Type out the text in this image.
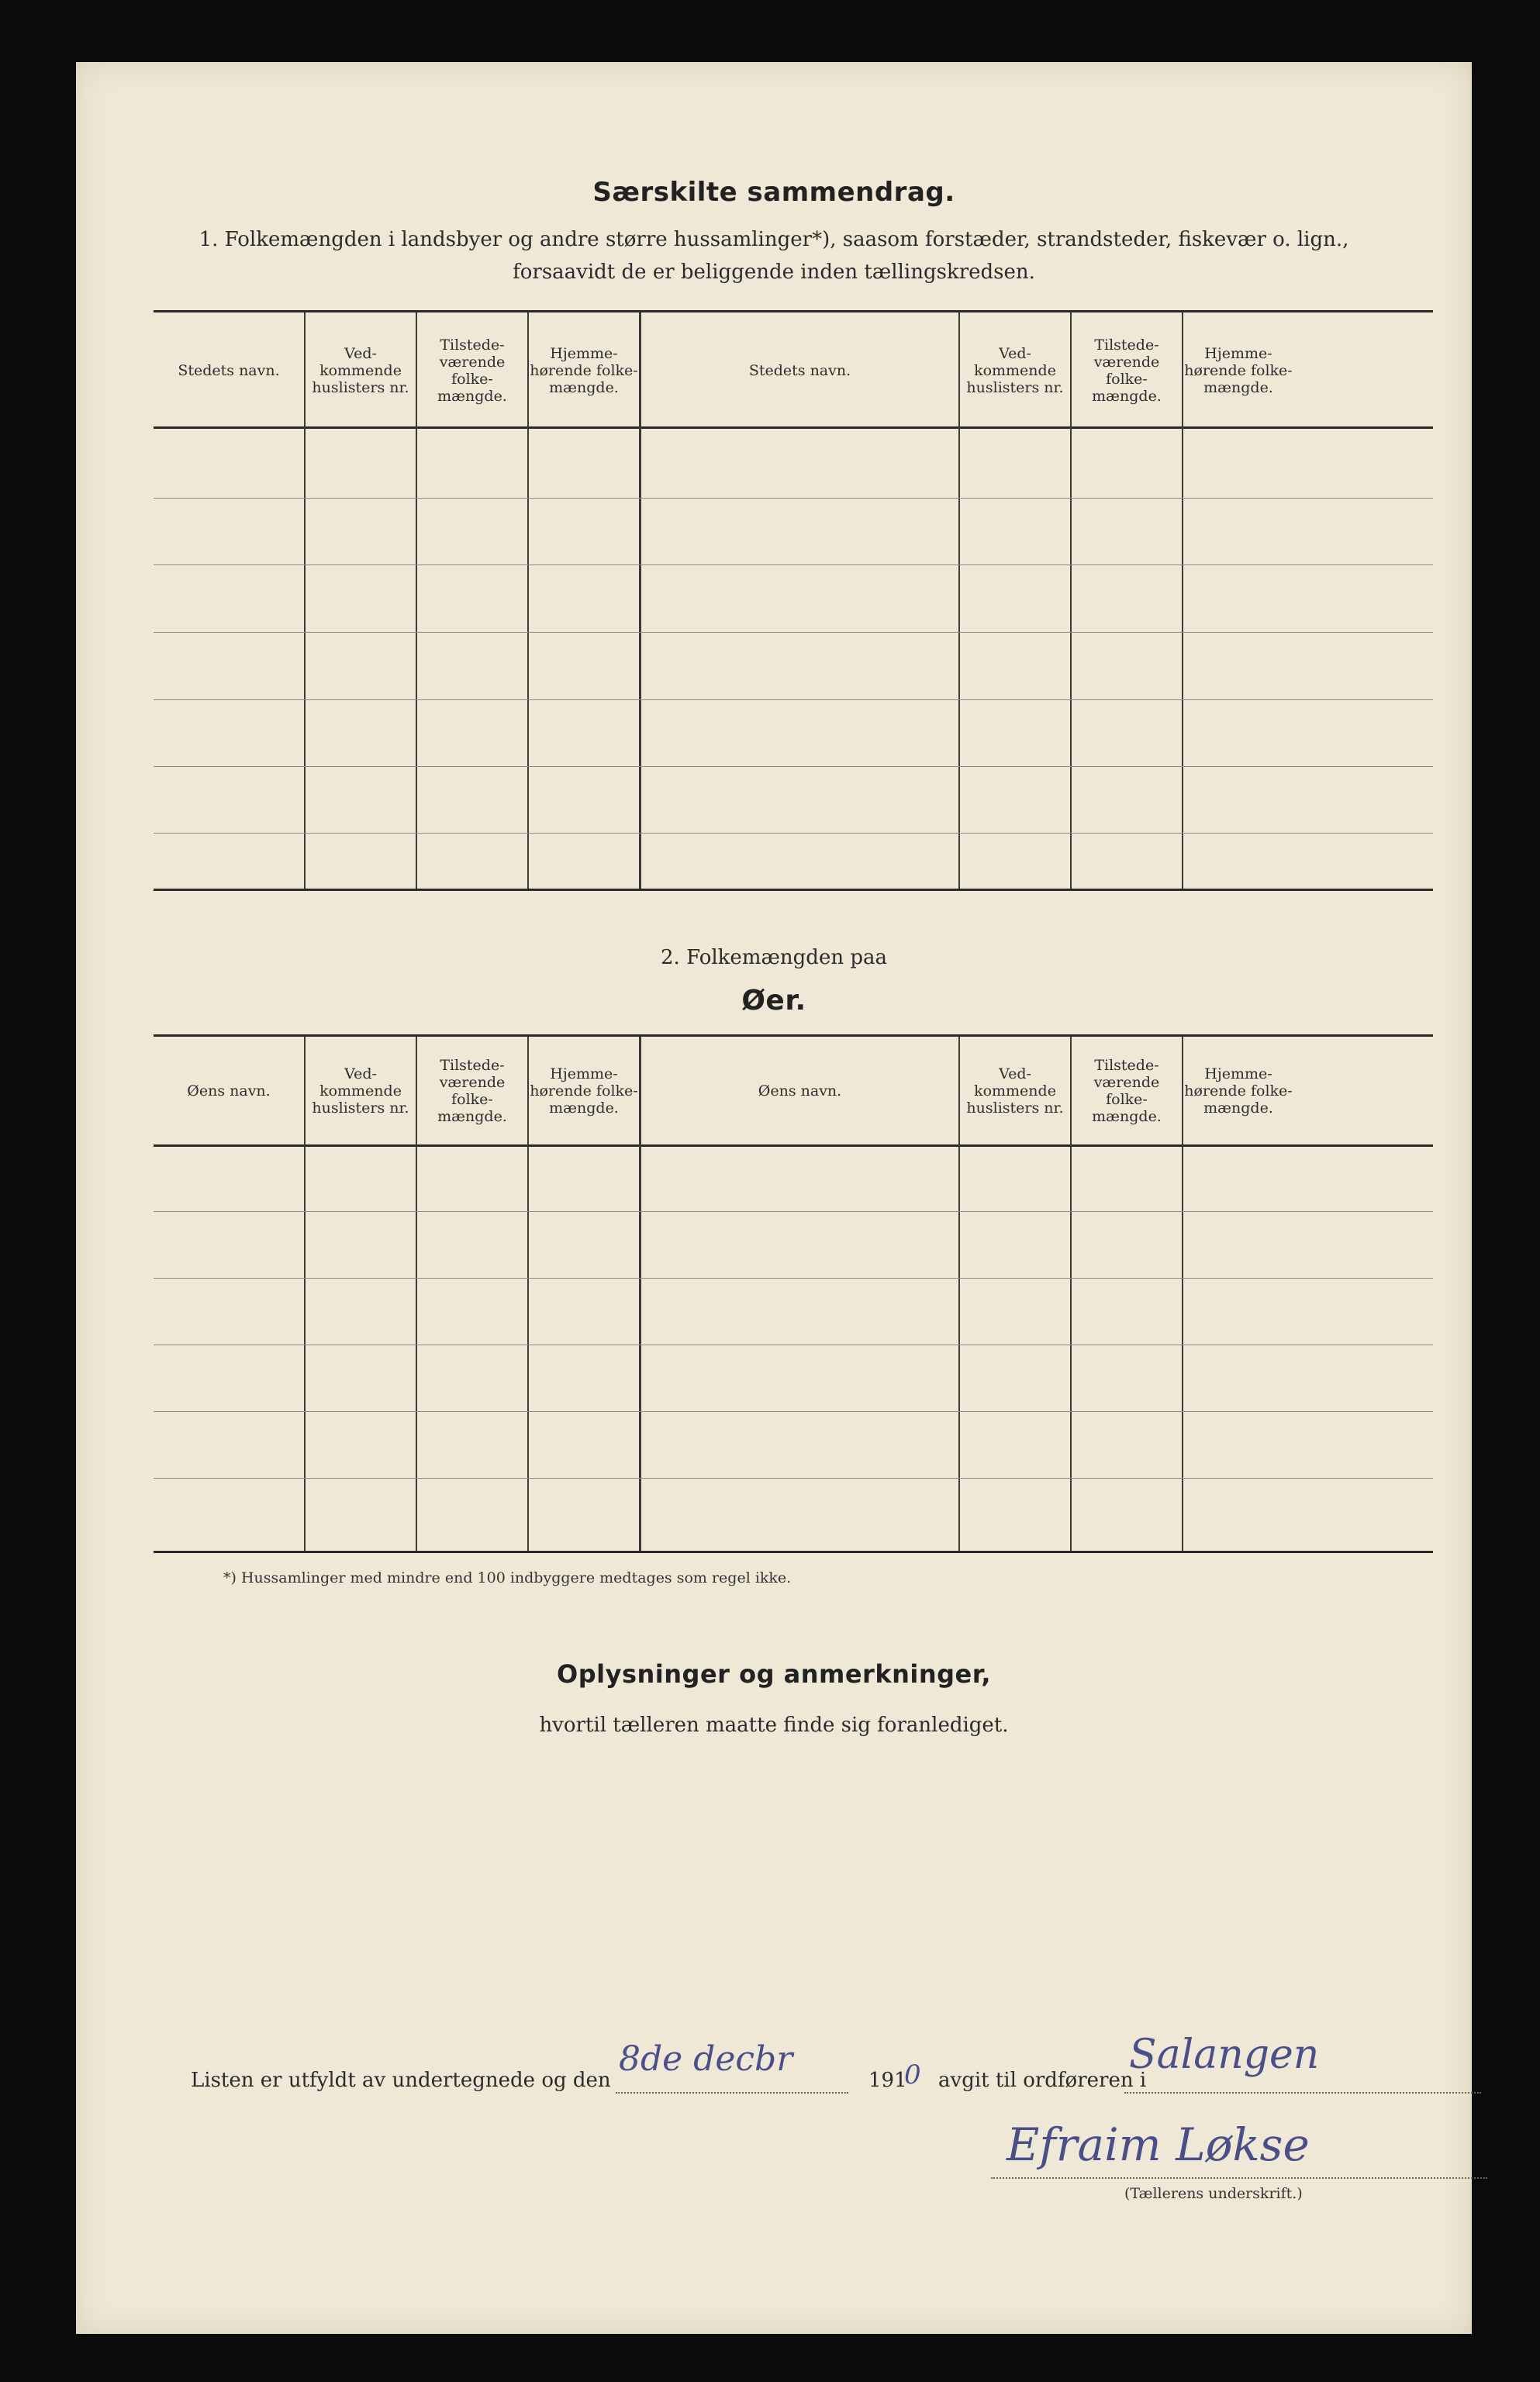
Særskilte sammendrag.
1. Folkemængden i landsbyer og andre større hussamlinger*), saasom forstæder, strandsteder, fiskevær o. lign.,
forsaavidt de er beliggende inden tællingskredsen.
Stedets navn.
Ved-kommende huslisters nr.
Tilstede-værende folke-mængde.
Hjemme-hørende folke-mængde.
Stedets navn.
Ved-kommende huslisters nr.
Tilstede-værende folke-mængde.
Hjemme-hørende folke-mængde.
2. Folkemængden paa
Øer.
Øens navn.
Ved-kommende huslisters nr.
Tilstede-værende folke-mængde.
Hjemme-hørende folke-mængde.
Øens navn.
Ved-kommende huslisters nr.
Tilstede-værende folke-mængde.
Hjemme-hørende folke-mængde.
*) Hussamlinger med mindre end 100 indbyggere medtages som regel ikke.
Oplysninger og anmerkninger,
hvortil tælleren maatte finde sig foranlediget.
Listen er utfyldt av undertegnede og den
8de decbr
191
0 avgit til ordføreren i
Salangen
Efraim Løkse
(Tællerens underskrift.)
